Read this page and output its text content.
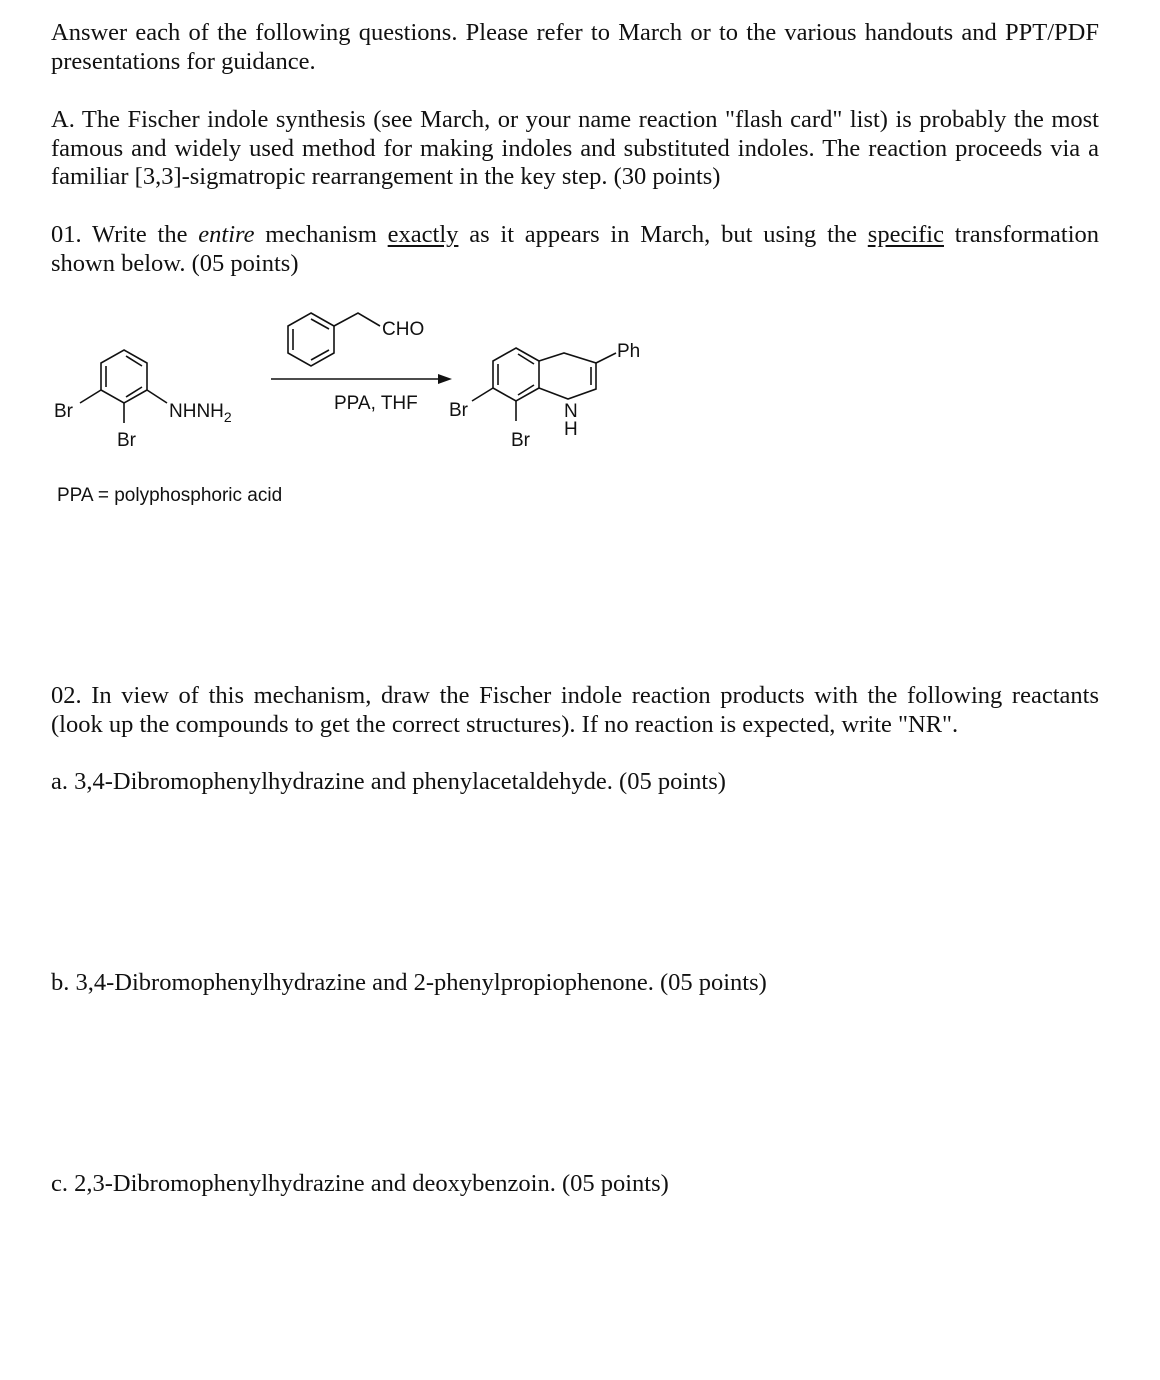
Answer each of the following questions. Please refer to March or to the various handouts and PPT/PDF presentations for guidance.

A. The Fischer indole synthesis (see March, or your name reaction "flash card" list) is probably the most famous and widely used method for making indoles and substituted indoles. The reaction proceeds via a familiar [3,3]-sigmatropic rearrangement in the key step. (30 points)

01. Write the entire mechanism exactly as it appears in March, but using the specific transformation shown below. (05 points)

Br
Br
$NHNH_2$
CHO
PPA, THF
Ph
N
H
Br
Br
PPA = polyphosphoric acid

02. In view of this mechanism, draw the Fischer indole reaction products with the following reactants (look up the compounds to get the correct structures). If no reaction is expected, write "NR".

a. 3,4-Dibromophenylhydrazine and phenylacetaldehyde. (05 points)

b. 3,4-Dibromophenylhydrazine and 2-phenylpropiophenone. (05 points)

c. 2,3-Dibromophenylhydrazine and deoxybenzoin. (05 points)
